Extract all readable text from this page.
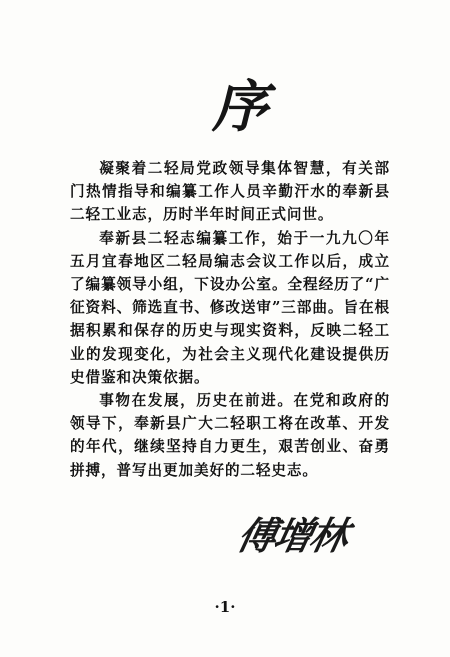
序

凝聚着二轻局党政领导集体智慧，有关部门热情指导和编纂工作人员辛勤汗水的奉新县二轻工业志，历时半年时间正式问世。

奉新县二轻志编纂工作，始于一九九〇年五月宜春地区二轻局编志会议工作以后，成立了编纂领导小组，下设办公室。全程经历了“广征资料、筛选直书、修改送审”三部曲。旨在根据积累和保存的历史与现实资料，反映二轻工业的发现变化，为社会主义现代化建设提供历史借鉴和决策依据。

事物在发展，历史在前进。在党和政府的领导下，奉新县广大二轻职工将在改革、开发的年代，继续坚持自力更生，艰苦创业、奋勇拼搏，普写出更加美好的二轻史志。

傅增林
·1·
